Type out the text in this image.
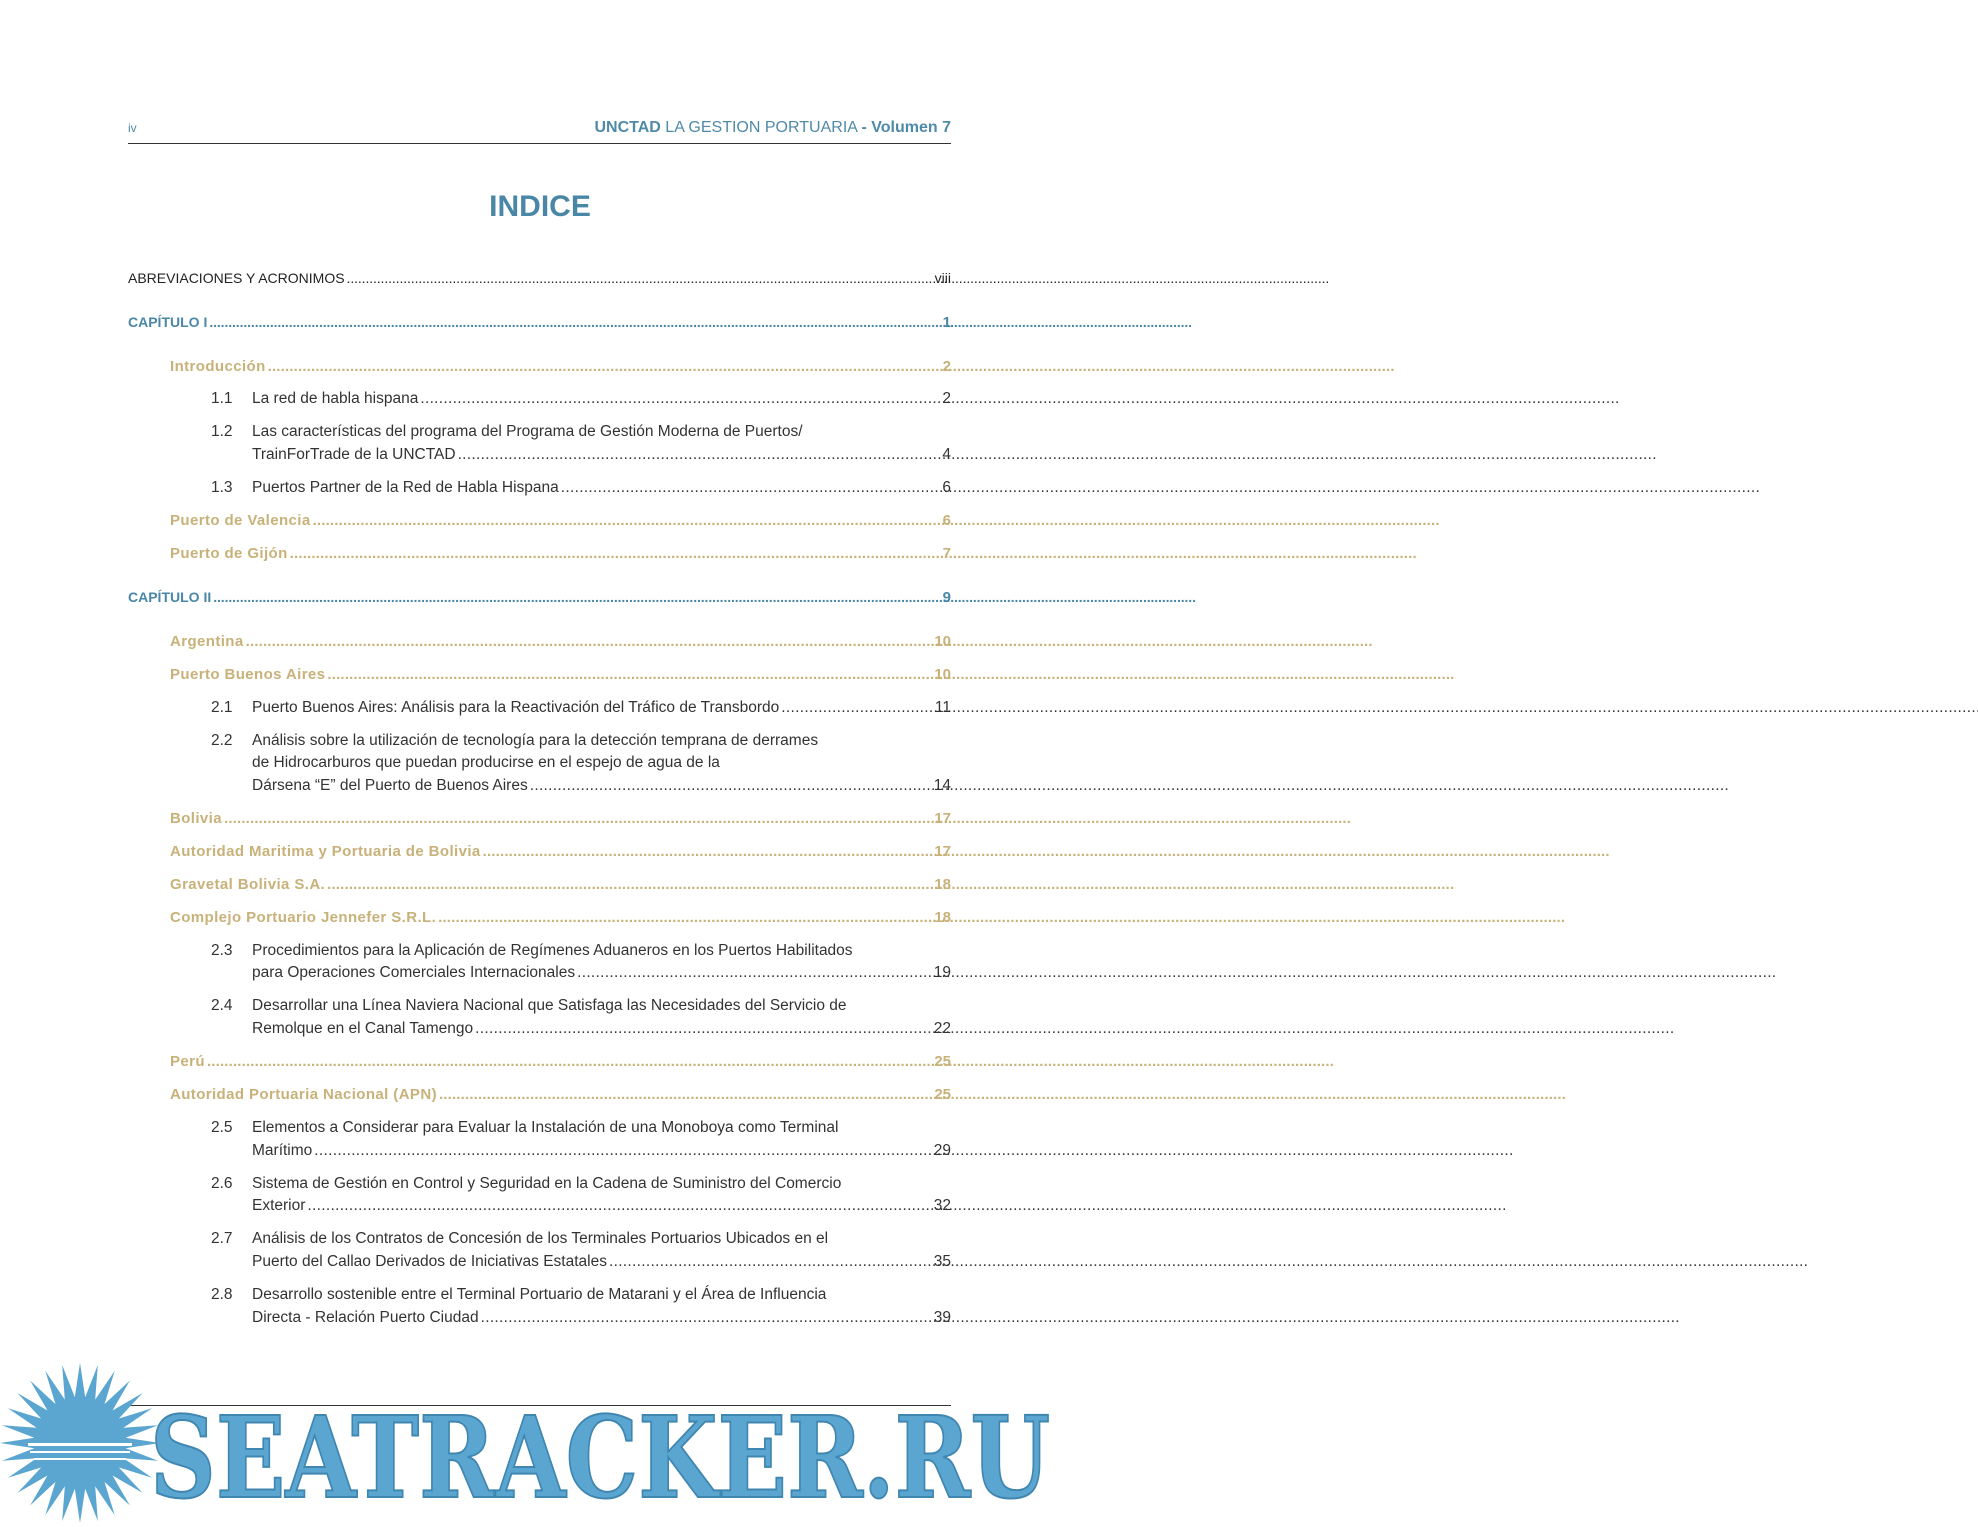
iv	UNCTAD LA GESTION PORTUARIA - Volumen 7
INDICE
ABREVIACIONES Y ACRONIMOS . . .	viii
CAPÍTULO I . . .	1
Introducción . . .	2
1.1 La red de habla hispana . . .	2
1.2 Las características del programa del Programa de Gestión Moderna de Puertos/
TrainForTrade de la UNCTAD . . .	4
1.3 Puertos Partner de la Red de Habla Hispana . . .	6
Puerto de Valencia . . .	6
Puerto de Gijón . . .	7
CAPÍTULO II . . .	9
Argentina . . .	10
Puerto Buenos Aires . . .	10
2.1 Puerto Buenos Aires: Análisis para la Reactivación del Tráfico de Transbordo . . .	11
2.2 Análisis sobre la utilización de tecnología para la detección temprana de derrames
de Hidrocarburos que puedan producirse en el espejo de agua de la
Dársena “E” del Puerto de Buenos Aires . . .	14
Bolivia . . .	17
Autoridad Maritima y Portuaria de Bolivia . . .	17
Gravetal Bolivia S.A. . . .	18
Complejo Portuario Jennefer S.R.L. . . .	18
2.3 Procedimientos para la Aplicación de Regímenes Aduaneros en los Puertos Habilitados
para Operaciones Comerciales Internacionales . . .	19
2.4 Desarrollar una Línea Naviera Nacional que Satisfaga las Necesidades del Servicio de
Remolque en el Canal Tamengo . . .	22
Perú . . .	25
Autoridad Portuaria Nacional (APN) . . .	25
2.5 Elementos a Considerar para Evaluar la Instalación de una Monoboya como Terminal
Marítimo . . .	29
2.6 Sistema de Gestión en Control y Seguridad en la Cadena de Suministro del Comercio
Exterior . . .	32
2.7 Análisis de los Contratos de Concesión de los Terminales Portuarios Ubicados en el
Puerto del Callao Derivados de Iniciativas Estatales . . .	35
2.8 Desarrollo sostenible entre el Terminal Portuario de Matarani y el Área de Influencia
Directa - Relación Puerto Ciudad . . .	39
SEATRACKER.RU
